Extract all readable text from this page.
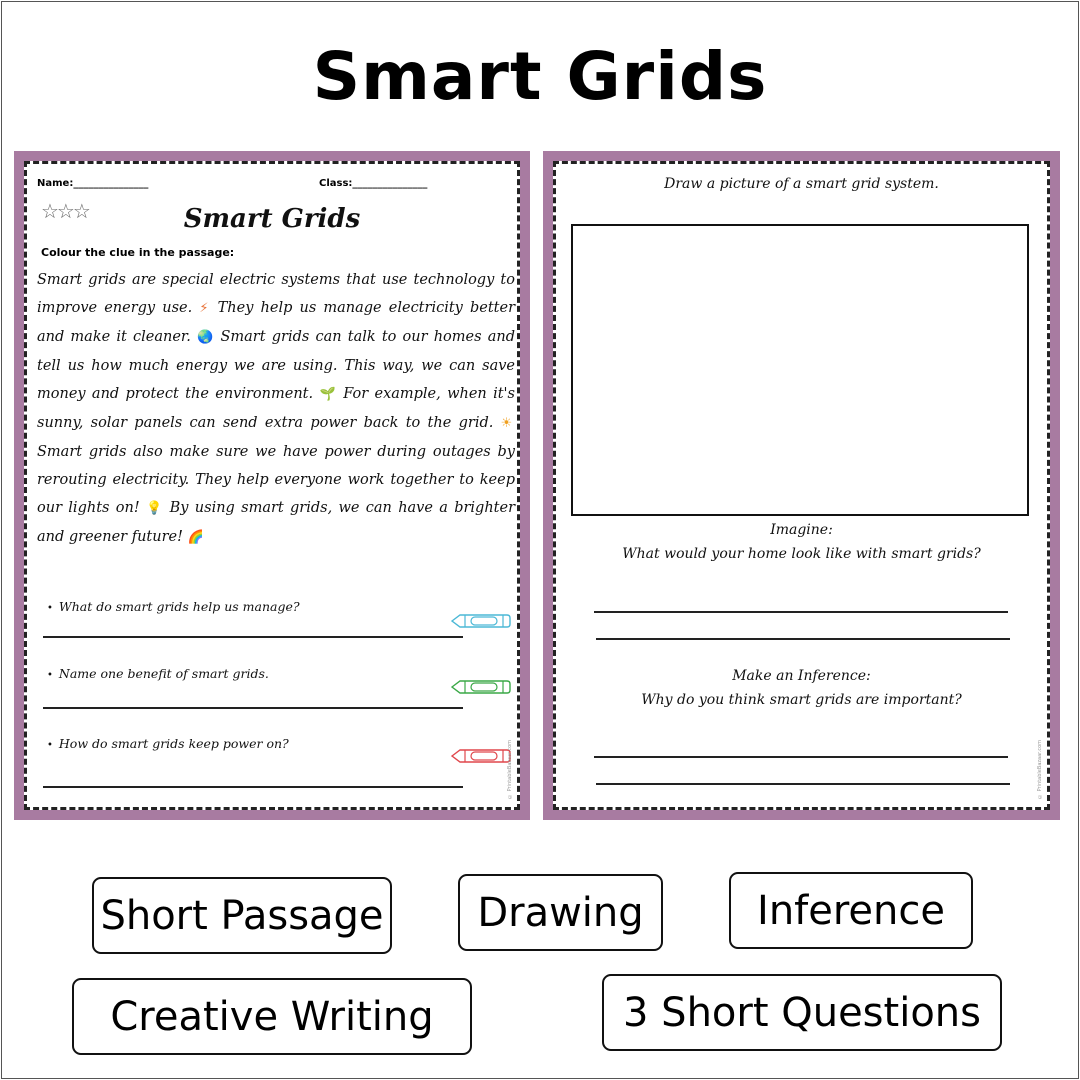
Smart Grids
Name:_______________	Class:_______________
☆☆☆	Smart Grids
Colour the clue in the passage:
Smart grids are special electric systems that use technology to improve energy use. ⚡ They help us manage electricity better and make it cleaner. 🌏 Smart grids can talk to our homes and tell us how much energy we are using. This way, we can save money and protect the environment. 🌱 For example, when it's sunny, solar panels can send extra power back to the grid. ☀ Smart grids also make sure we have power during outages by rerouting electricity. They help everyone work together to keep our lights on! 💡 By using smart grids, we can have a brighter and greener future! 🌈
• What do smart grids help us manage?
• Name one benefit of smart grids.
• How do smart grids keep power on?	© PrintableBazaar.com
Draw a picture of a smart grid system.
Imagine:
What would your home look like with smart grids?
Make an Inference:
Why do you think smart grids are important?
© PrintableBazaar.com
Short Passage	Drawing	Inference
Creative Writing	3 Short Questions
